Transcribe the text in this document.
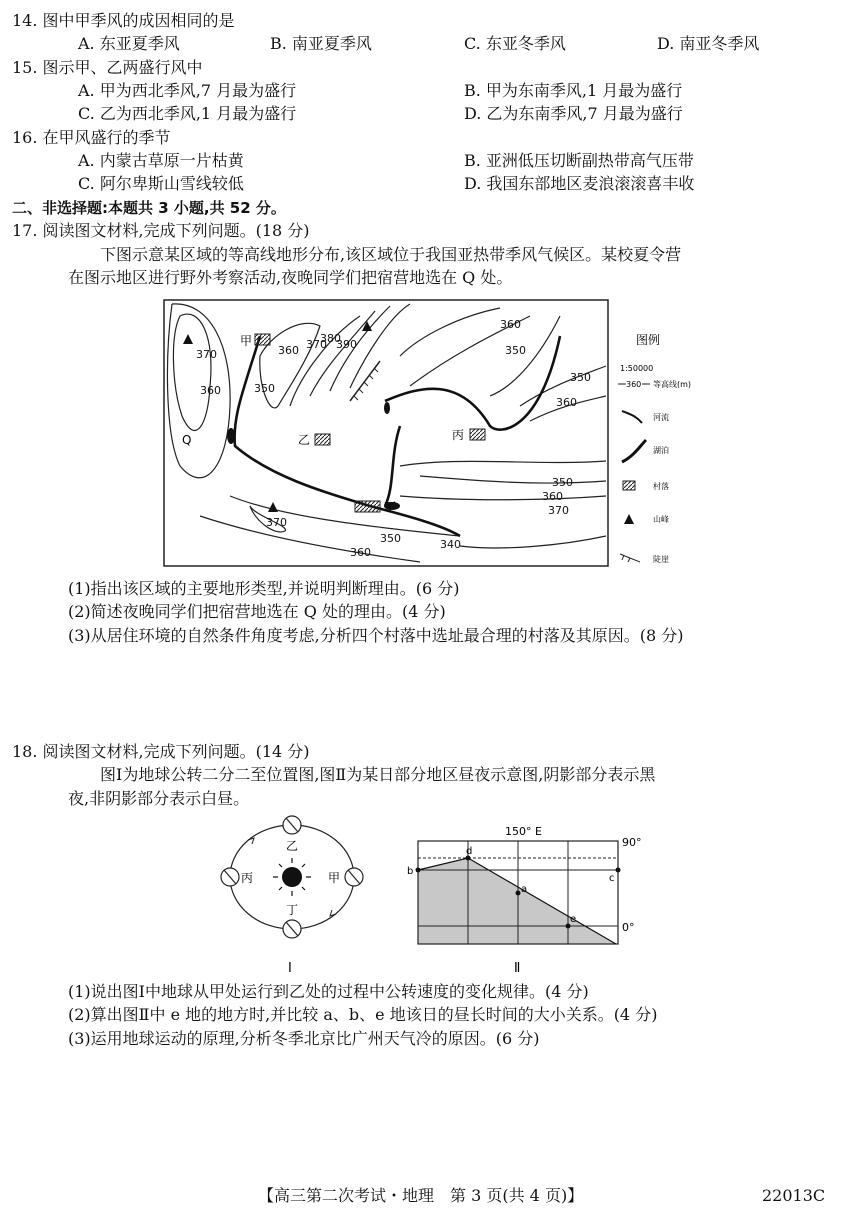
14. 图中甲季风的成因相同的是
A. 东亚夏季风	B. 南亚夏季风	C. 东亚冬季风	D. 南亚冬季风
15. 图示甲、乙两盛行风中
A. 甲为西北季风,7 月最为盛行	B. 甲为东南季风,1 月最为盛行
C. 乙为西北季风,1 月最为盛行	D. 乙为东南季风,7 月最为盛行
16. 在甲风盛行的季节
A. 内蒙古草原一片枯黄	B. 亚洲低压切断副热带高气压带
C. 阿尔卑斯山雪线较低	D. 我国东部地区麦浪滚滚喜丰收
二、非选择题:本题共 3 小题,共 52 分。
17. 阅读图文材料,完成下列问题。(18 分)
下图示意某区域的等高线地形分布,该区域位于我国亚热带季风气候区。某校夏令营
在图示地区进行野外考察活动,夜晚同学们把宿营地选在 Q 处。
甲
乙	丙
丁
Q
370
360	350
360 370
380
390
360
350
350
360
350
360
370
370
360
350	340
图例
1:50000
360 等高线(m)
河流
湖泊
村落
山峰
陡崖
(1)指出该区域的主要地形类型,并说明判断理由。(6 分)
(2)简述夜晚同学们把宿营地选在 Q 处的理由。(4 分)
(3)从居住环境的自然条件角度考虑,分析四个村落中选址最合理的村落及其原因。(8 分)
18. 阅读图文材料,完成下列问题。(14 分)
图Ⅰ为地球公转二分二至位置图,图Ⅱ为某日部分地区昼夜示意图,阴影部分表示黑
夜,非阴影部分表示白昼。
乙
丙	甲
丁
Ⅰ
150° E
90°
0°
b
d
a
c
e
Ⅱ
(1)说出图Ⅰ中地球从甲处运行到乙处的过程中公转速度的变化规律。(4 分)
(2)算出图Ⅱ中 e 地的地方时,并比较 a、b、e 地该日的昼长时间的大小关系。(4 分)
(3)运用地球运动的原理,分析冬季北京比广州天气冷的原因。(6 分)
【高三第二次考试・地理　第 3 页(共 4 页)】	22013C
